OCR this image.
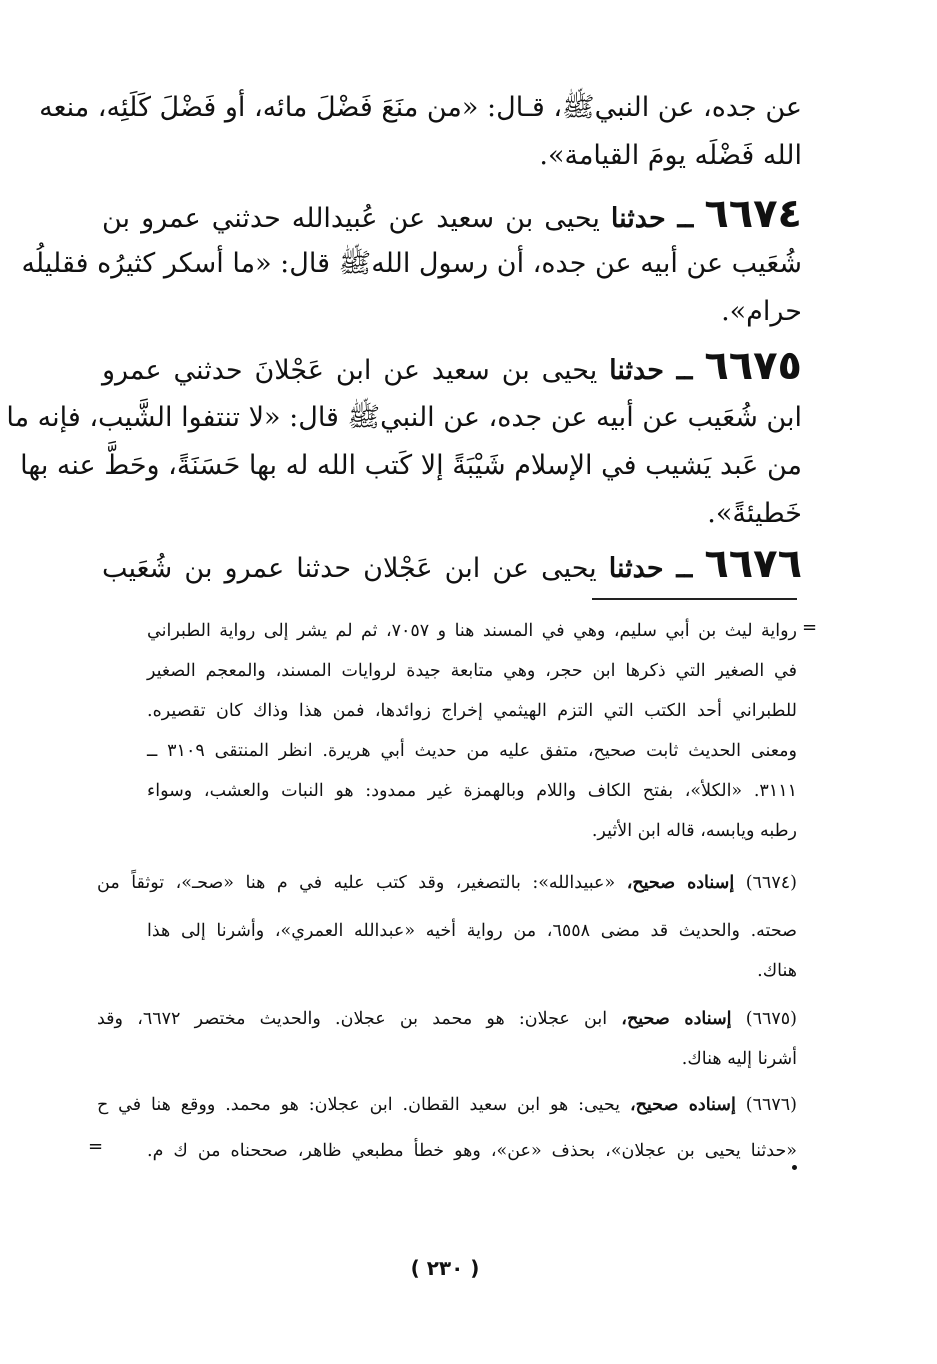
عن جده، عن النبيﷺ، قـال: «من منَعَ فَضْلَ مائه، أو فَضْلَ كَلَئِه، منعه
الله فَضْلَه يومَ القيامة».
٦٦٧٤ ــ حدثنا يحيى بن سعيد عن عُبيدالله حدثني عمرو بن
شُعَيب عن أبيه عن جده، أن رسول اللهﷺ قال: «ما أسكر كثيرُه فقليلُه
حرام».
٦٦٧٥ ــ حدثنا يحيى بن سعيد عن ابن عَجْلانَ حدثني عمرو
ابن شُعَيب عن أبيه عن جده، عن النبيﷺ قال: «لا تنتفوا الشَّيب، فإنه ما
من عَبد يَشيب في الإسلام شَيْبَةً إلا كَتب الله له بها حَسَنَةً، وحَطَّ عنه بها
خَطيئةً».
٦٦٧٦ ــ حدثنا يحيى عن ابن عَجْلان حدثنا عمرو بن شُعَيب
=
رواية ليث بن أبي سليم، وهي في المسند هنا و ٧٠٥٧، ثم لم يشر إلى رواية الطبراني
في الصغير التي ذكرها ابن حجر، وهي متابعة جيدة لروايات المسند، والمعجم الصغير
للطبراني أحد الكتب التي التزم الهيثمي إخراج زوائدها، فمن هذا وذاك كان تقصيره.
ومعنى الحديث ثابت صحيح، متفق عليه من حديث أبي هريرة. انظر المنتقى ٣١٠٩ ــ
٣١١١. «الكلأ»، بفتح الكاف واللام وبالهمزة غير ممدود: هو النبات والعشب، وسواء
رطبه ويابسه، قاله ابن الأثير.
(٦٦٧٤) إسناده صحيح، «عبيدالله»: بالتصغير، وقد كتب عليه في م هنا «صحـ»، توثقاً من
صحته. والحديث قد مضى ٦٥٥٨، من رواية أخيه «عبدالله العمري»، وأشرنا إلى هذا
هناك.
(٦٦٧٥) إسناده صحيح، ابن عجلان: هو محمد بن عجلان. والحديث مختصر ٦٦٧٢، وقد
أشرنا إليه هناك.
(٦٦٧٦) إسناده صحيح، يحيى: هو ابن سعيد القطان. ابن عجلان: هو محمد. ووقع هنا في ح
«حدثنا يحيى بن عجلان»، بحذف «عن»، وهو خطأ مطبعي ظاهر، صححناه من ك م.
=
( ٢٣٠ )
